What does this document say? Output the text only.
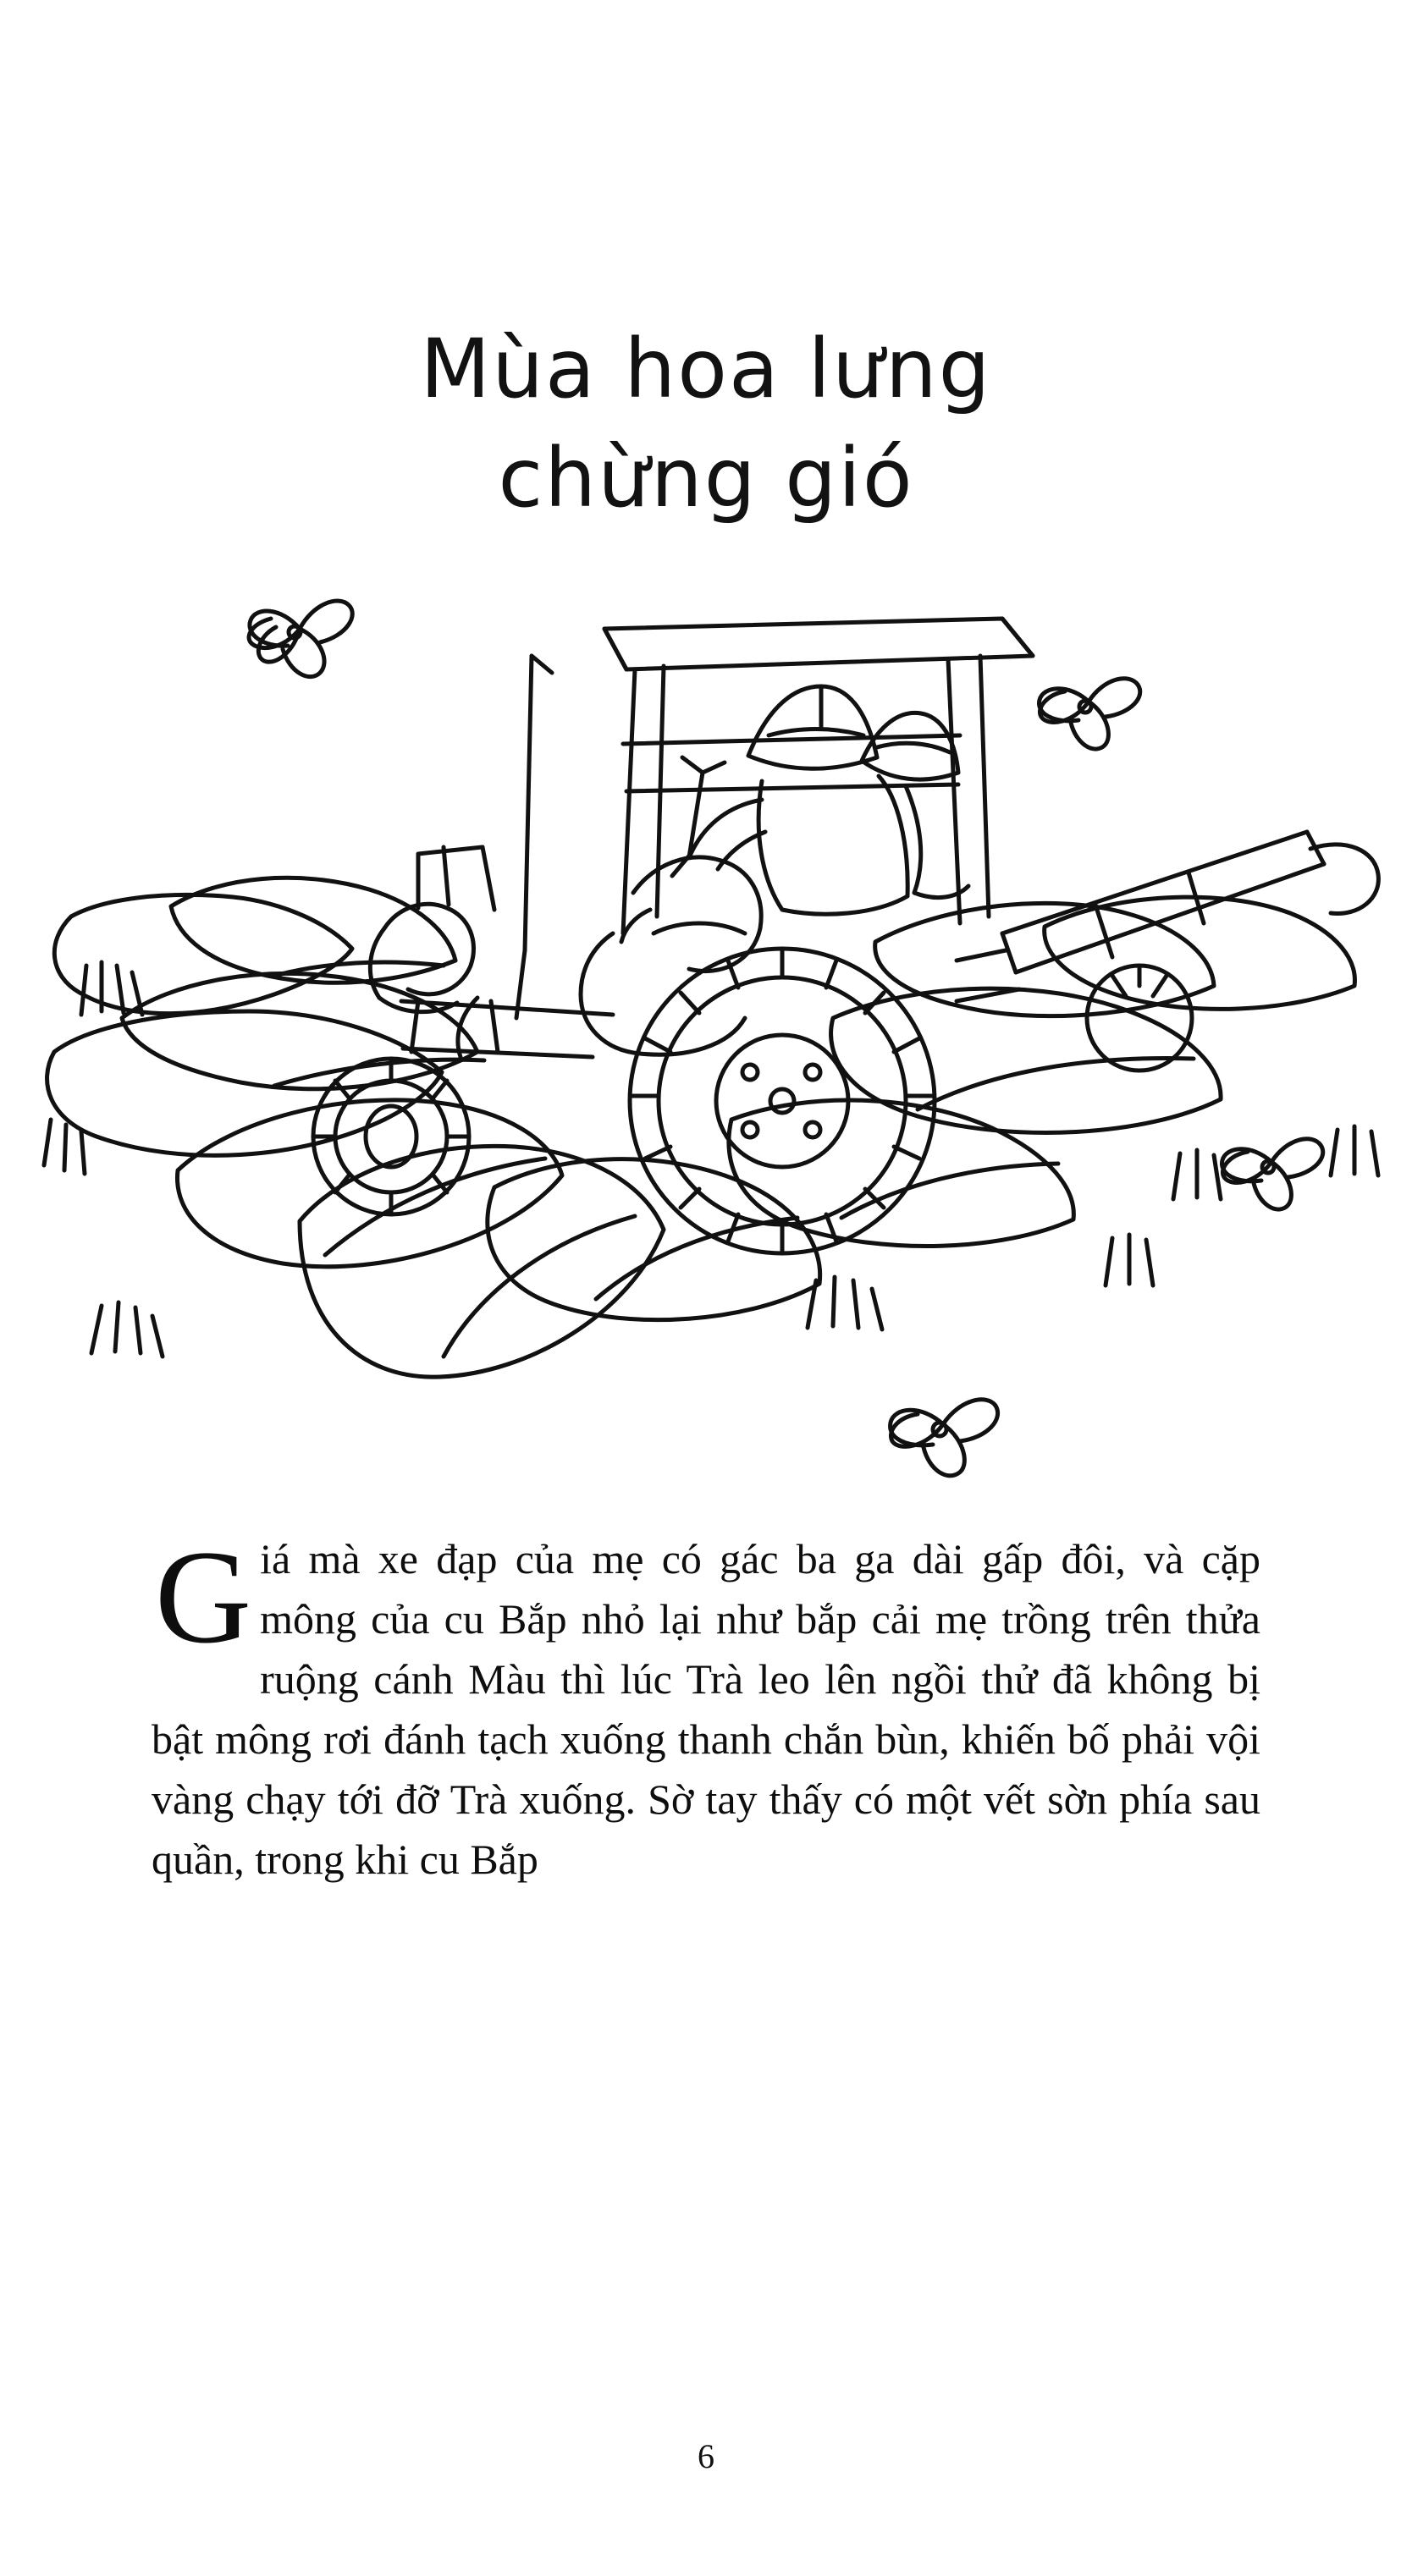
Mùa hoa lưng
chừng gió

Giá mà xe đạp của mẹ có gác ba ga dài gấp đôi, và cặp mông của cu Bắp nhỏ lại như bắp cải mẹ trồng trên thửa ruộng cánh Màu thì lúc Trà leo lên ngồi thử đã không bị bật mông rơi đánh tạch xuống thanh chắn bùn, khiến bố phải vội vàng chạy tới đỡ Trà xuống. Sờ tay thấy có một vết sờn phía sau quần, trong khi cu Bắp

6
